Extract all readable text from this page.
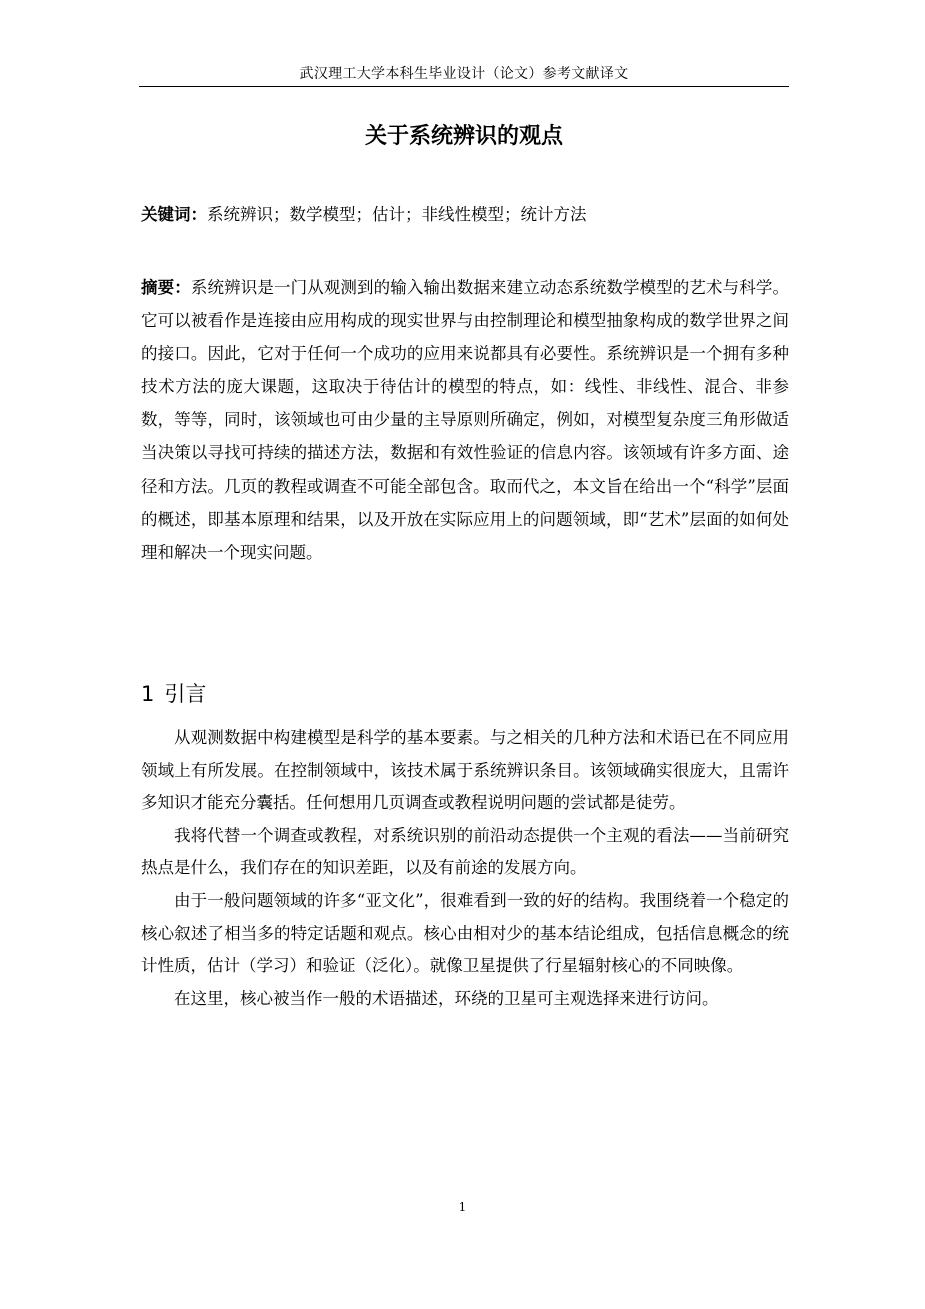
武汉理工大学本科生毕业设计（论文）参考文献译文
关于系统辨识的观点

关键词：系统辨识；数学模型；估计；非线性模型；统计方法

摘要：系统辨识是一门从观测到的输入输出数据来建立动态系统数学模型的艺术与科学。它可以被看作是连接由应用构成的现实世界与由控制理论和模型抽象构成的数学世界之间的接口。因此，它对于任何一个成功的应用来说都具有必要性。系统辨识是一个拥有多种技术方法的庞大课题，这取决于待估计的模型的特点，如：线性、非线性、混合、非参数，等等，同时，该领域也可由少量的主导原则所确定，例如，对模型复杂度三角形做适当决策以寻找可持续的描述方法，数据和有效性验证的信息内容。该领域有许多方面、途径和方法。几页的教程或调查不可能全部包含。取而代之，本文旨在给出一个“科学”层面的概述，即基本原理和结果，以及开放在实际应用上的问题领域，即“艺术”层面的如何处理和解决一个现实问题。

1 引言

从观测数据中构建模型是科学的基本要素。与之相关的几种方法和术语已在不同应用领域上有所发展。在控制领域中，该技术属于系统辨识条目。该领域确实很庞大，且需许多知识才能充分囊括。任何想用几页调查或教程说明问题的尝试都是徒劳。

我将代替一个调查或教程，对系统识别的前沿动态提供一个主观的看法——当前研究热点是什么，我们存在的知识差距，以及有前途的发展方向。

由于一般问题领域的许多“亚文化”，很难看到一致的好的结构。我围绕着一个稳定的核心叙述了相当多的特定话题和观点。核心由相对少的基本结论组成，包括信息概念的统计性质，估计（学习）和验证（泛化）。就像卫星提供了行星辐射核心的不同映像。

在这里，核心被当作一般的术语描述，环绕的卫星可主观选择来进行访问。

1
